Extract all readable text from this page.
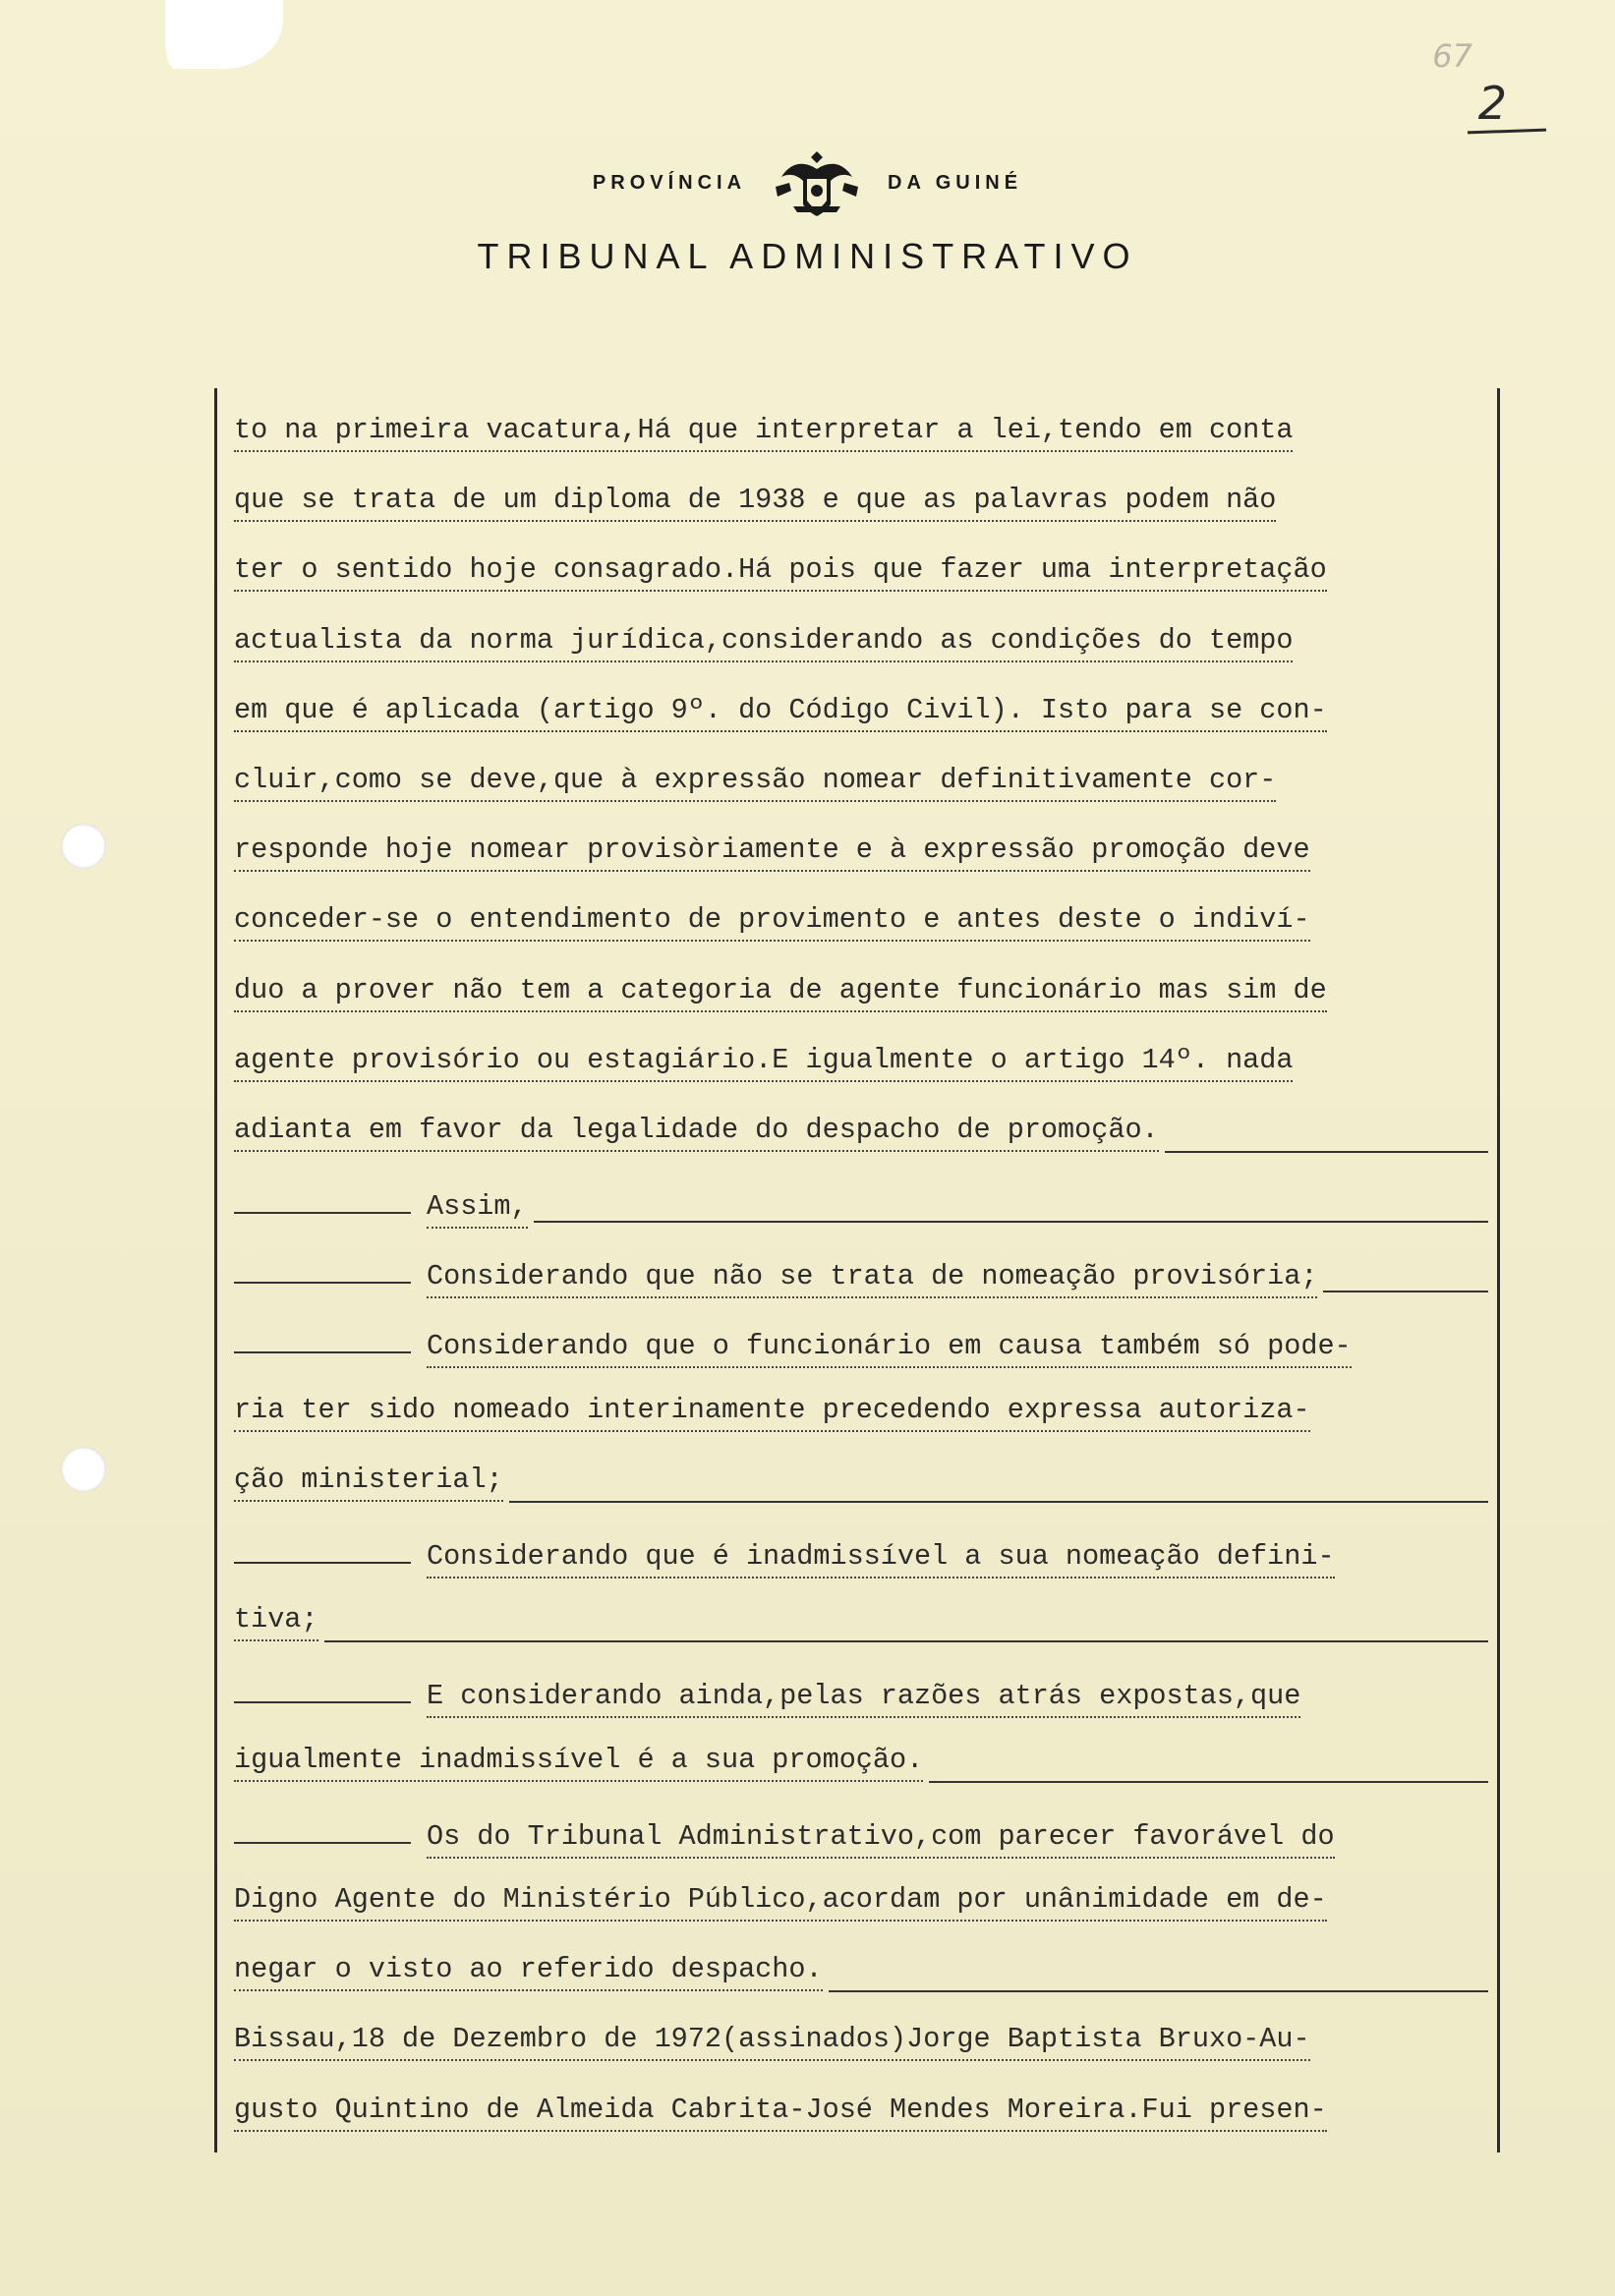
67
2
PROVÍNCIA	DA GUINÉ
TRIBUNAL ADMINISTRATIVO
to na primeira vacatura,Há que interpretar a lei,tendo em conta
que se trata de um diploma de 1938 e que as palavras podem não
ter o sentido hoje consagrado.Há pois que fazer uma interpretação
actualista da norma jurídica,considerando as condições do tempo
em que é aplicada (artigo 9º. do Código Civil). Isto para se con-
cluir,como se deve,que à expressão nomear definitivamente cor-
responde hoje nomear provisòriamente e à expressão promoção deve
conceder-se o entendimento de provimento e antes deste o indiví-
duo a prover não tem a categoria de agente funcionário mas sim de
agente provisório ou estagiário.E igualmente o artigo 14º. nada
adianta em favor da legalidade do despacho de promoção.
Assim,
Considerando que não se trata de nomeação provisória;
Considerando que o funcionário em causa também só pode-
ria ter sido nomeado interinamente precedendo expressa autoriza-
ção ministerial;
Considerando que é inadmissível a sua nomeação defini-
tiva;
E considerando ainda,pelas razões atrás expostas,que
igualmente inadmissível é a sua promoção.
Os do Tribunal Administrativo,com parecer favorável do
Digno Agente do Ministério Público,acordam por unânimidade em de-
negar o visto ao referido despacho.
Bissau,18 de Dezembro de 1972(assinados)Jorge Baptista Bruxo-Au-
gusto Quintino de Almeida Cabrita-José Mendes Moreira.Fui presen-
